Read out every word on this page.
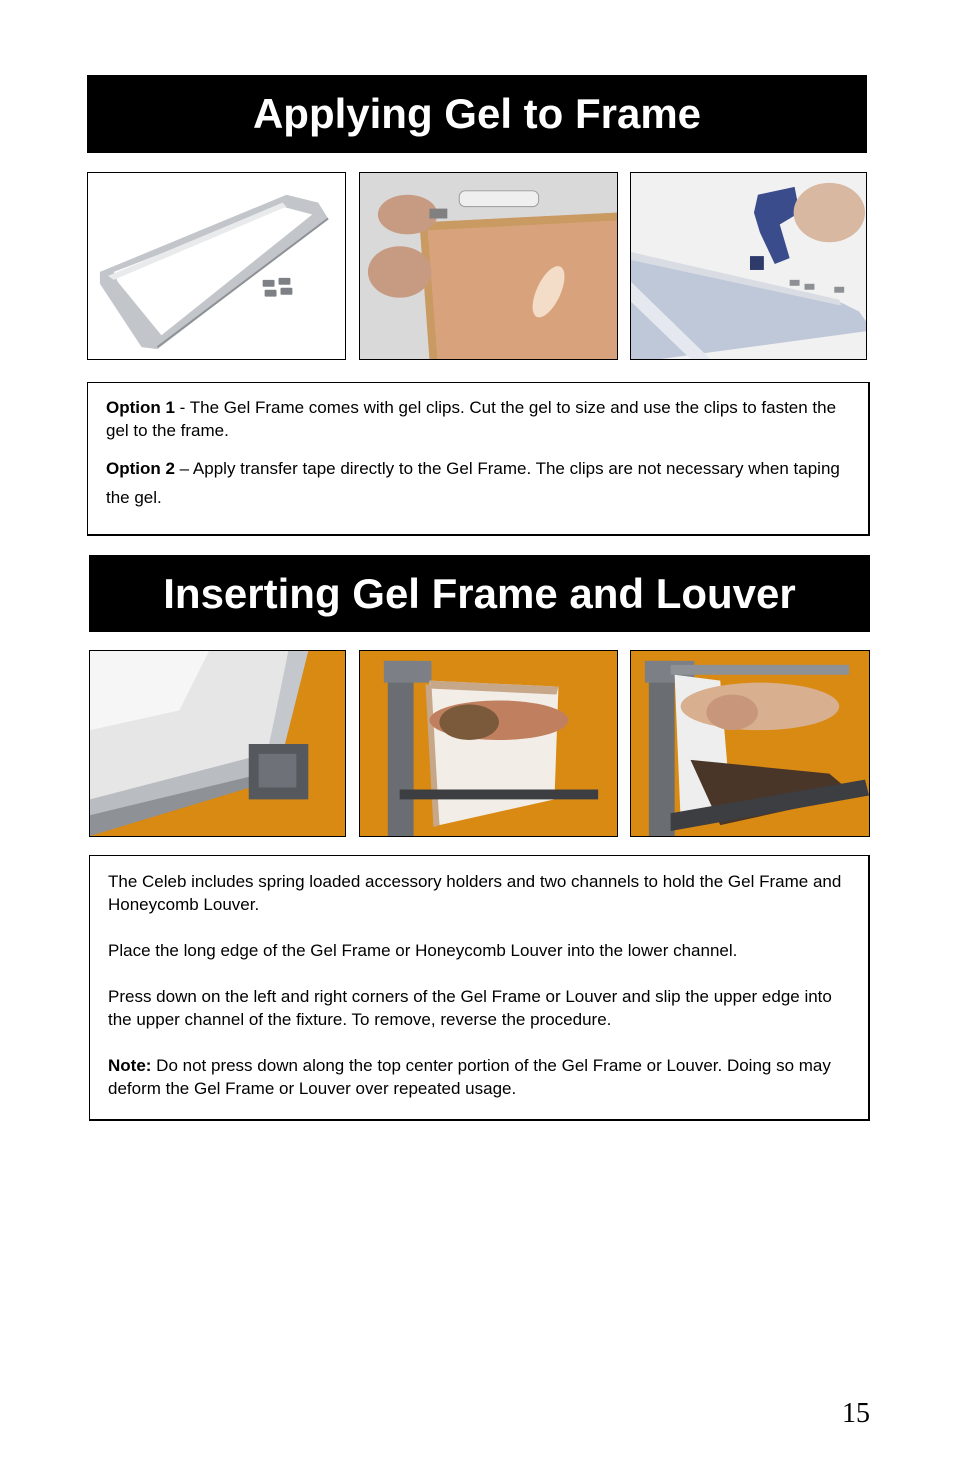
Applying Gel to Frame

Option 1 - The Gel Frame comes with gel clips. Cut the gel to size and use the clips to fasten the gel to the frame.

Option 2 – Apply transfer tape directly to the Gel Frame. The clips are not necessary when taping the gel.

Inserting Gel Frame and Louver

The Celeb includes spring loaded accessory holders and two channels to hold the Gel Frame and Honeycomb Louver.

Place the long edge of the Gel Frame or Honeycomb Louver into the lower channel.

Press down on the left and right corners of the Gel Frame or Louver and slip the upper edge into the upper channel of the fixture. To remove, reverse the procedure.

Note: Do not press down along the top center portion of the Gel Frame or Louver. Doing so may deform the Gel Frame or Louver over repeated usage.

15
